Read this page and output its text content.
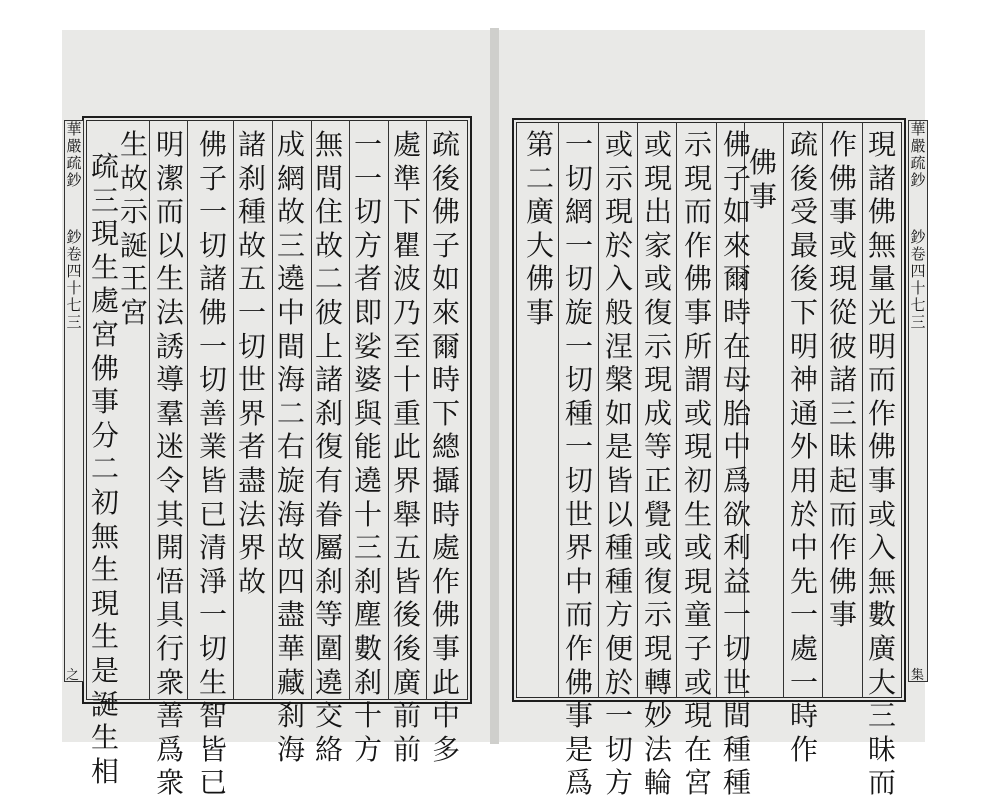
華嚴疏鈔
鈔卷四十七
三
華嚴疏鈔
鈔卷四十七
三
疏後佛子如來爾時下總攝時處作佛事此中多
處準下瞿波乃至十重此界舉五皆後後廣前前
一一切方者即娑婆與能遶十三刹塵數刹十方
無間住故二彼上諸刹復有眷屬刹等圍遶交絡
成網故三遶中間海二右旋海故四盡華藏刹海
諸刹種故五一切世界者盡法界故
佛子一切諸佛一切善業皆已清淨一切生智皆已
明潔而以生法誘導羣迷令其開悟具行衆善爲衆
生故示誕王宮
疏三現生處宮佛事分二初無生現生是誕生相
現諸佛無量光明而作佛事或入無數廣大三昧而
作佛事或現從彼諸三昧起而作佛事
疏後受最後下明神通外用於中先一處一時作
佛事
佛子如來爾時在母胎中爲欲利益一切世間種種
示現而作佛事所謂或現初生或現童子或現在宮
或現出家或復示現成等正覺或復示現轉妙法輪
或示現於入般涅槃如是皆以種種方便於一切方
一切網一切旋一切種一切世界中而作佛事是爲
第二廣大佛事
之	集
